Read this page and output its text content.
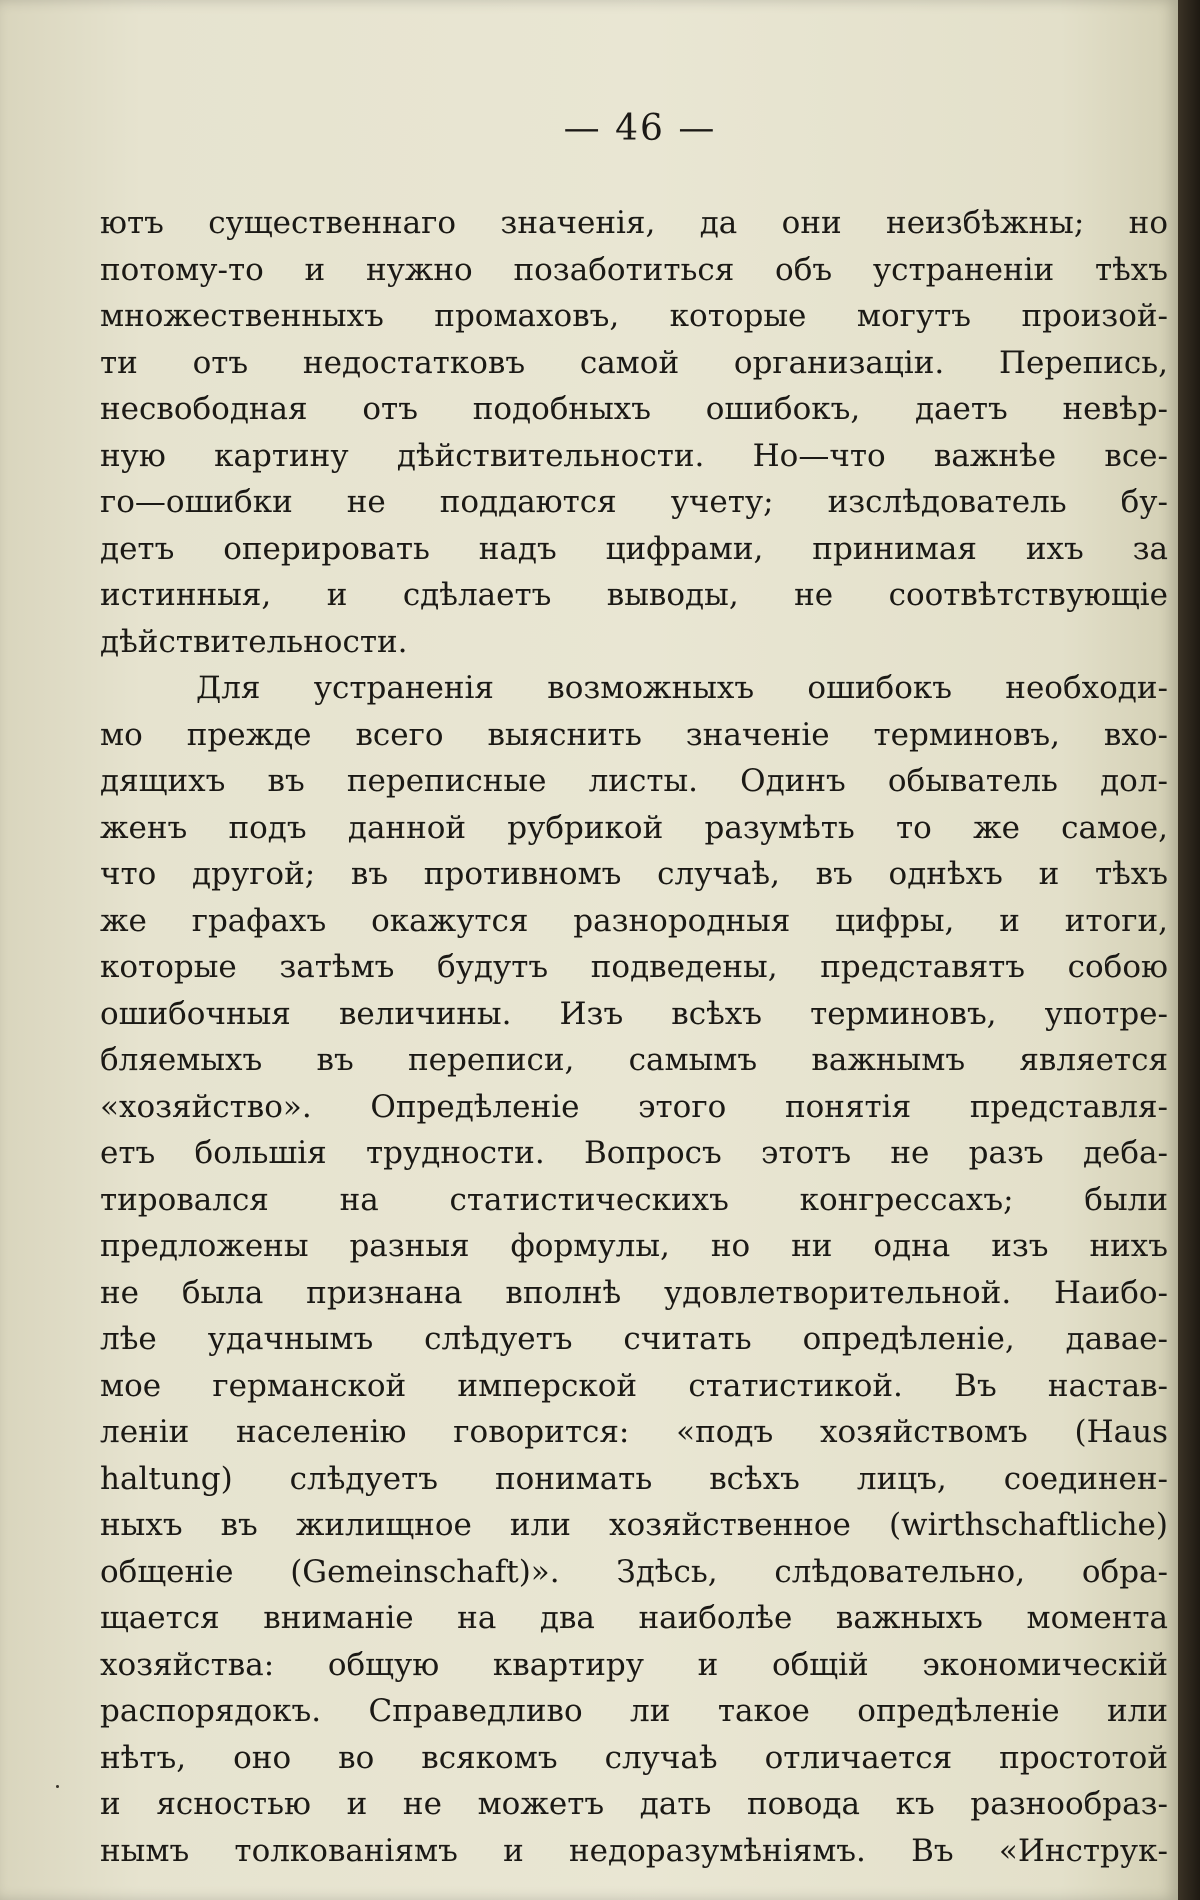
— 46 —
ютъ существеннаго значенія, да они неизбѣжны; но
потому-то и нужно позаботиться объ устраненіи тѣхъ
множественныхъ промаховъ, которые могутъ произой-
ти отъ недостатковъ самой организаціи. Перепись,
несвободная отъ подобныхъ ошибокъ, даетъ невѣр-
ную картину дѣйствительности. Но—что важнѣе все-
го—ошибки не поддаются учету; изслѣдователь бу-
детъ оперировать надъ цифрами, принимая ихъ за
истинныя, и сдѣлаетъ выводы, не соотвѣтствующіе
дѣйствительности.
Для устраненія возможныхъ ошибокъ необходи-
мо прежде всего выяснить значеніе терминовъ, вхо-
дящихъ въ переписные листы. Одинъ обыватель дол-
женъ подъ данной рубрикой разумѣть то же самое,
что другой; въ противномъ случаѣ, въ однѣхъ и тѣхъ
же графахъ окажутся разнородныя цифры, и итоги,
которые затѣмъ будутъ подведены, представятъ собою
ошибочныя величины. Изъ всѣхъ терминовъ, употре-
бляемыхъ въ переписи, самымъ важнымъ является
«хозяйство». Опредѣленіе этого понятія представля-
етъ большія трудности. Вопросъ этотъ не разъ деба-
тировался на статистическихъ конгрессахъ; были
предложены разныя формулы, но ни одна изъ нихъ
не была признана вполнѣ удовлетворительной. Наибо-
лѣе удачнымъ слѣдуетъ считать опредѣленіе, давае-
мое германской имперской статистикой. Въ настав-
леніи населенію говорится: «подъ хозяйствомъ (Haus
haltung) слѣдуетъ понимать всѣхъ лицъ, соединен-
ныхъ въ жилищное или хозяйственное (wirthschaftliche)
общеніе (Gemeinschaft)». Здѣсь, слѣдовательно, обра-
щается вниманіе на два наиболѣе важныхъ момента
хозяйства: общую квартиру и общій экономическій
распорядокъ. Справедливо ли такое опредѣленіе или
нѣтъ, оно во всякомъ случаѣ отличается простотой
и ясностью и не можетъ дать повода къ разнообраз-
нымъ толкованіямъ и недоразумѣніямъ. Въ «Инструк-
